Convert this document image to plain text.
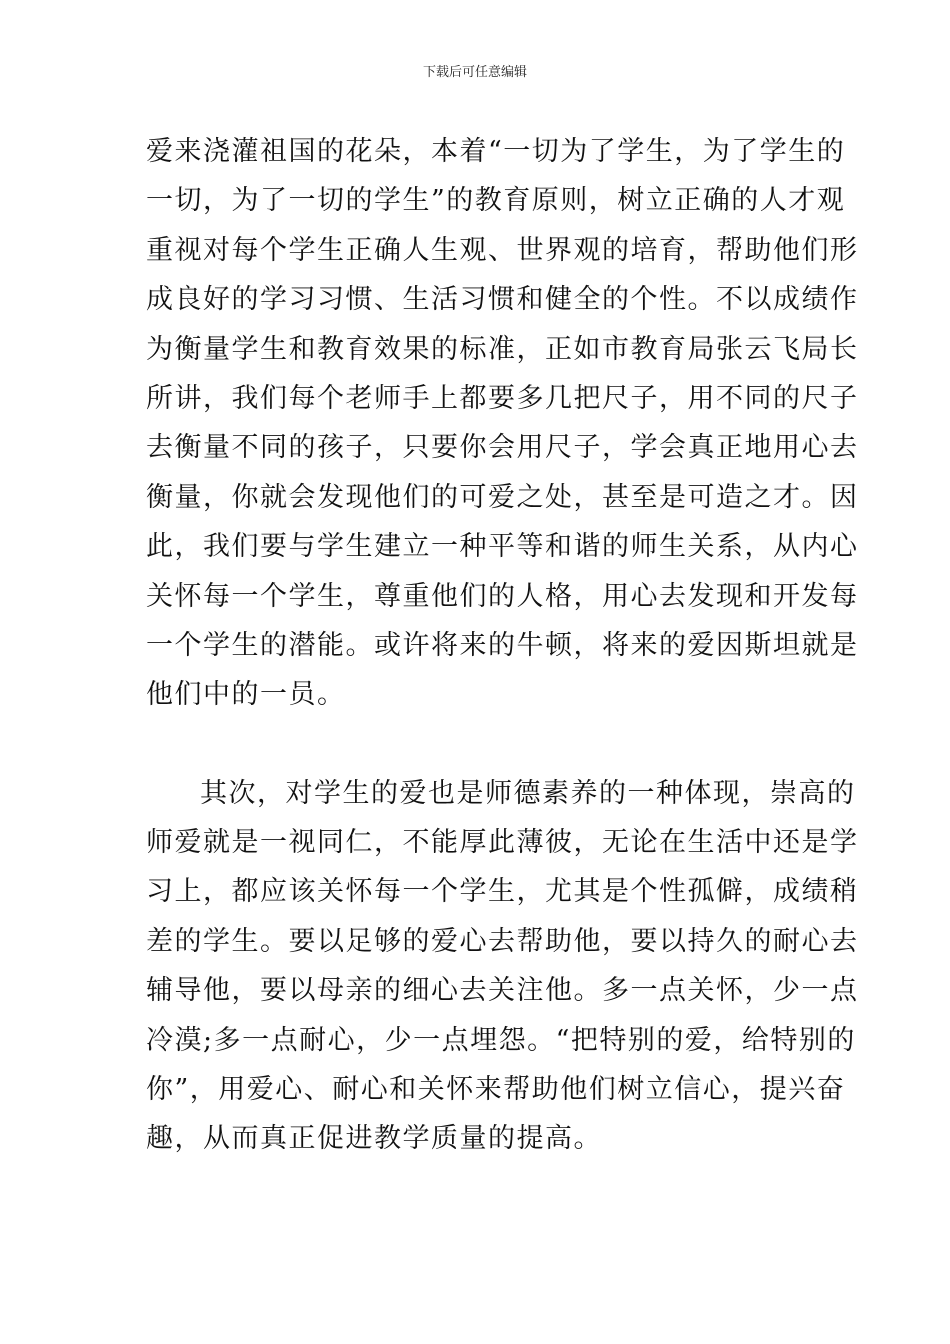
下载后可任意编辑
爱来浇灌祖国的花朵，本着“一切为了学生，为了学生的
一切，为了一切的学生”的教育原则，树立正确的人才观
重视对每个学生正确人生观、世界观的培育，帮助他们形
成良好的学习习惯、生活习惯和健全的个性。不以成绩作
为衡量学生和教育效果的标准，正如市教育局张云飞局长
所讲，我们每个老师手上都要多几把尺子，用不同的尺子
去衡量不同的孩子，只要你会用尺子，学会真正地用心去
衡量，你就会发现他们的可爱之处，甚至是可造之才。因
此，我们要与学生建立一种平等和谐的师生关系，从内心
关怀每一个学生，尊重他们的人格，用心去发现和开发每
一个学生的潜能。或许将来的牛顿，将来的爱因斯坦就是
他们中的一员。
其次，对学生的爱也是师德素养的一种体现，崇高的
师爱就是一视同仁，不能厚此薄彼，无论在生活中还是学
习上，都应该关怀每一个学生，尤其是个性孤僻，成绩稍
差的学生。要以足够的爱心去帮助他，要以持久的耐心去
辅导他，要以母亲的细心去关注他。多一点关怀，少一点
冷漠;多一点耐心，少一点埋怨。“把特别的爱，给特别的
你”，用爱心、耐心和关怀来帮助他们树立信心，提兴奋
趣，从而真正促进教学质量的提高。
